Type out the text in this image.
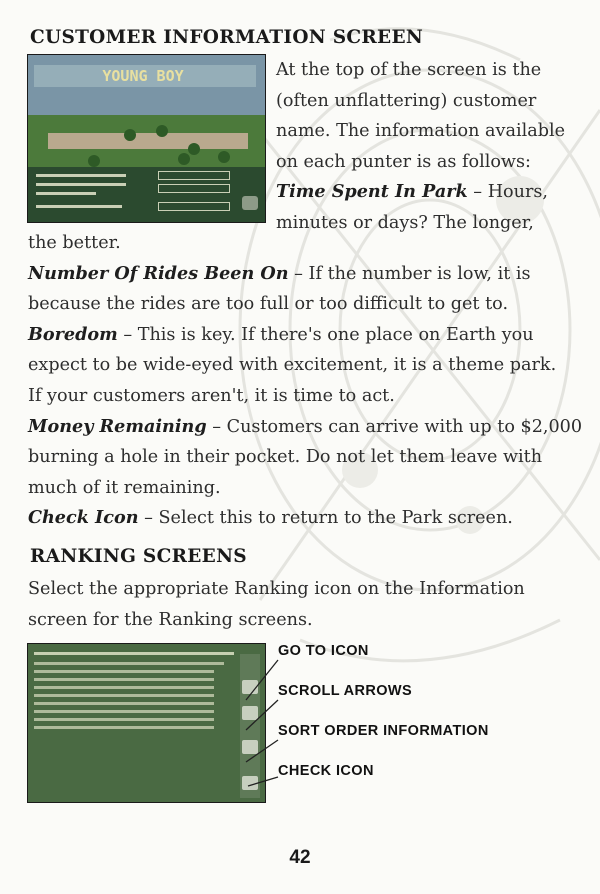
CUSTOMER INFORMATION SCREEN
YOUNG BOY	At the top of the screen is the
(often unflattering) customer
name. The information available
on each punter is as follows:
Time Spent In Park – Hours,
minutes or days? The longer,

the better.
Number Of Rides Been On – If the number is low, it is
because the rides are too full or too difficult to get to.
Boredom – This is key. If there's one place on Earth you
expect to be wide-eyed with excitement, it is a theme park.
If your customers aren't, it is time to act.
Money Remaining – Customers can arrive with up to $2,000
burning a hole in their pocket. Do not let them leave with
much of it remaining.
Check Icon – Select this to return to the Park screen.

RANKING SCREENS

Select the appropriate Ranking icon on the Information
screen for the Ranking screens.

GO TO ICON
SCROLL ARROWS
SORT ORDER INFORMATION
CHECK ICON
42
